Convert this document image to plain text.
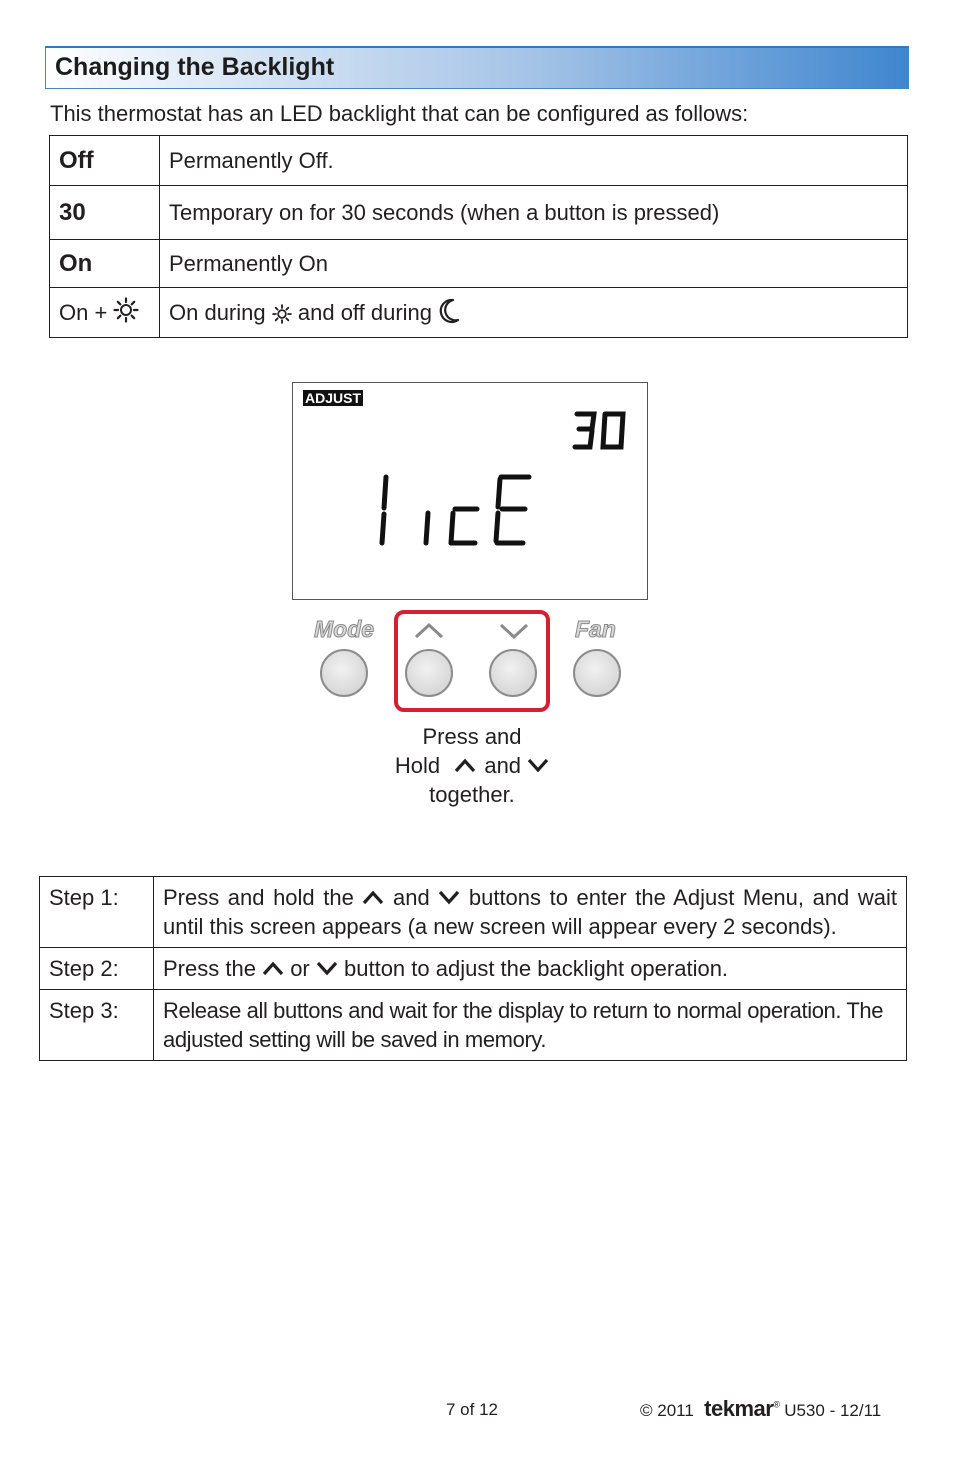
Changing the Backlight
This thermostat has an LED backlight that can be configured as follows:
Off	Permanently Off.
30	Temporary on for 30 seconds (when a button is pressed)
On	Permanently On
On +	On during and off during
ADJUST
Mode	Fan
Press and
Hold and
together.
Step 1:	Press and hold the and buttons to enter the Adjust Menu, and wait until this screen appears (a new screen will appear every 2 seconds).
Step 2:	Press the or button to adjust the backlight operation.
Step 3:	Release all buttons and wait for the display to return to normal operation. The adjusted setting will be saved in memory.
7 of 12	© 2011 tekmar® U530 - 12/11
